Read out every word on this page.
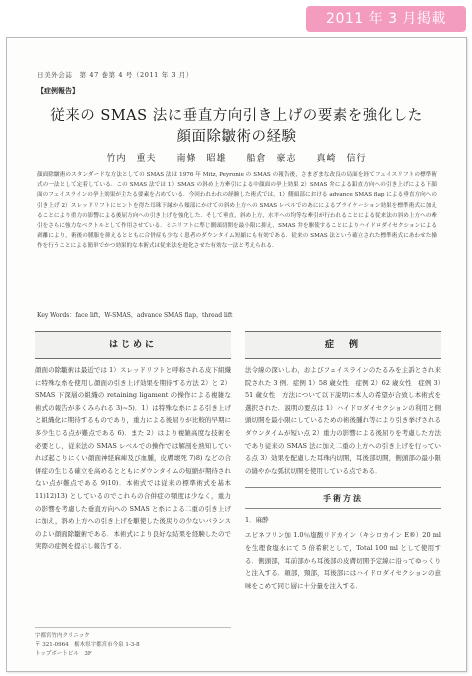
2011 年 3 月掲載
日美外会誌　第 47 巻第 4 号（2011 年 3 月）
【症例報告】
従来の SMAS 法に垂直方向引き上げの要素を強化した
顔面除皺術の経験
竹内　重夫　　南條　昭雄　　船倉　豪志　　真崎　信行
顔面除皺術のスタンダードな方法としての SMAS 法は 1976 年 Mitz, Peyronie の SMAS の報告後，さまざまな改良の局面を経てフェイスリフトの標準術式の一法として定着している．この SMAS 法では 1）SMAS の斜め上方牽引による中顔面の挙上効果 2）SMAS 弁による鉛直方向への引き上げによる下顔面のフェイスラインの挙上効果が主たる要素を占めている．今回われわれの経験した術式では，1）側頭部における advance SMAS flap による垂直方向への引き上げ 2）スレッドリフトにヒントを得た耳珠下縁から頬部にかけての斜め上方への SMAS レベルでのあにによるプライケーション効果を標準術式に加えることにより重力の影響による後屈方向への引き上げを強化した．そして垂直，斜め上方，水平への均等な牽引が行われることによる従来法の斜め上方への牽引をさらに強力なベクトルとして作用させている．ミニリフトに準じ側頭切開を最小限に抑え，SMAS 弁を駆使することによりハイドロダイセクションによる剥離により，術後の腫脹を抑えるとともに合併症も少なく患者のダウンタイム短縮にも有効である．従来の SMAS 法という確立された標準術式にあわせた操作を行うことによる簡単でかつ効果的な本術式は従来法を進化させた有効な一法と考えられる．
Key Words：face lift，W-SMAS，advance SMAS flap，thread lift
はじめに
顔面の除皺術は最近では 1）スレッドリフトと呼称される皮下組織に特殊な糸を使用し顔面の引き上げ効果を期待する方法 2）と 2）SMAS 下深層の組織の retaining ligament の操作による複雑な術式の報告が多くみられる 3)~5)．1）は特殊な糸による引き上げと組織化に期待するものであり，重力による後屈りが比較的早期に多少生じる点が難点である 6)．また 2）はより複雑高度な技術を必要とし，従来法の SMAS レベルでの操作では解剖を熟知していれば起こりにくい顔面神経麻痺及び血腫，皮膚壊死 7)8) などの合併症の生じる確立を高めるとともにダウンタイムの短縮が期待されない点が難点である 9)10)．本術式では従来の標準術式を基本 11)12)13) としているのでこれらの合併症の頻度は少なく，重力の影響を考慮した垂直方向への SMAS と糸による二重の引き上げに加え，斜め上方への引き上げを駆使した後戻りの少ないバランスのよい顔面除皺術である．本術式により良好な結果を経験したので実際の症例を提示し報告する．
症　例
法令線の深いしわ，およびフェイスラインのたるみを主訴とされ来院された 3 例．症例 1）58 歳女性　症例 2）62 歳女性　症例 3）51 歳女性　方法について以下説明に本人の希望が合致し本術式を選択された．説明の要点は 1）ハイドロダイセクションの利用と側頭切開を最小限にしているための術後腫れ等により引き挙げされるダウンタイムが短い点 2）重力の影響による後屈りを考慮した方法であり従来の SMAS 法に加え二重の上方への引き上げを行っている点 3）効果を配慮した耳珠内切開，耳後部切開，側頭部の最小限の縫やかな弧状切開を使用している点である．
手術方法
1．麻酔
エピネフリン加 1.0％塩酸リドカイン（キシロカイン E®）20 ml を生理食塩水にて 5 倍希釈として，Total 100 ml として使用する．側頭部，耳前部から耳後部の皮膚切開予定線に沿ってゆっくりと注入する．頬部，頸部，耳後部にはハイドロダイセクションの意味をこめて同じ層に十分量を注入する．
宇都宮竹内クリニック
〒 321-0964　栃木県宇都宮市今泉 1-3-8
トップボートビル　3F
